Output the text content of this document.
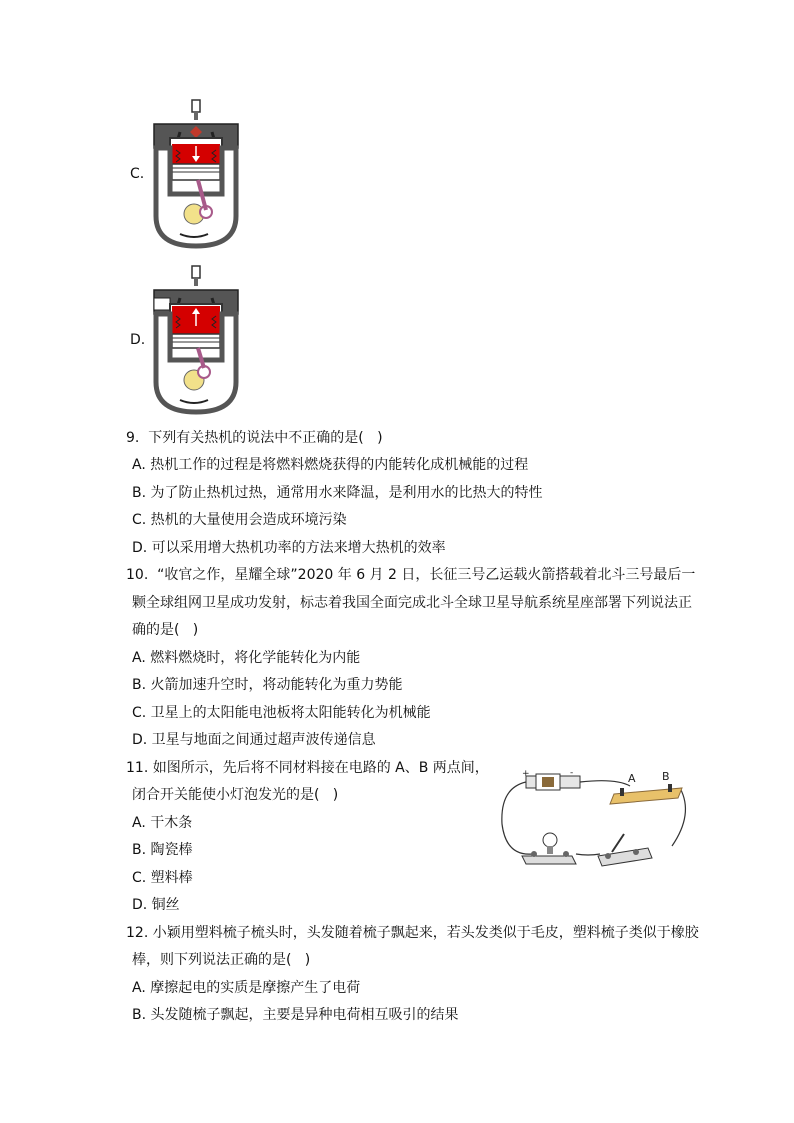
C.
D.
9.  下列有关热机的说法中不正确的是(   )
A. 热机工作的过程是将燃料燃烧获得的内能转化成机械能的过程
B. 为了防止热机过热，通常用水来降温，是利用水的比热大的特性
C. 热机的大量使用会造成环境污染
D. 可以采用增大热机功率的方法来增大热机的效率
10.  “收官之作，星耀全球”2020 年 6 月 2 日，长征三号乙运载火箭搭载着北斗三号最后一
颗全球组网卫星成功发射，标志着我国全面完成北斗全球卫星导航系统星座部署下列说法正
确的是(   )
A. 燃料燃烧时，将化学能转化为内能
B. 火箭加速升空时，将动能转化为重力势能
C. 卫星上的太阳能电池板将太阳能转化为机械能
D. 卫星与地面之间通过超声波传递信息
11. 如图所示，先后将不同材料接在电路的 A、B 两点间，
闭合开关能使小灯泡发光的是(   )
A. 干木条
B. 陶瓷棒
C. 塑料棒
D. 铜丝
+	-	A B
12. 小颖用塑料梳子梳头时，头发随着梳子飘起来，若头发类似于毛皮，塑料梳子类似于橡胶
棒，则下列说法正确的是(   )
A. 摩擦起电的实质是摩擦产生了电荷
B. 头发随梳子飘起，主要是异种电荷相互吸引的结果
